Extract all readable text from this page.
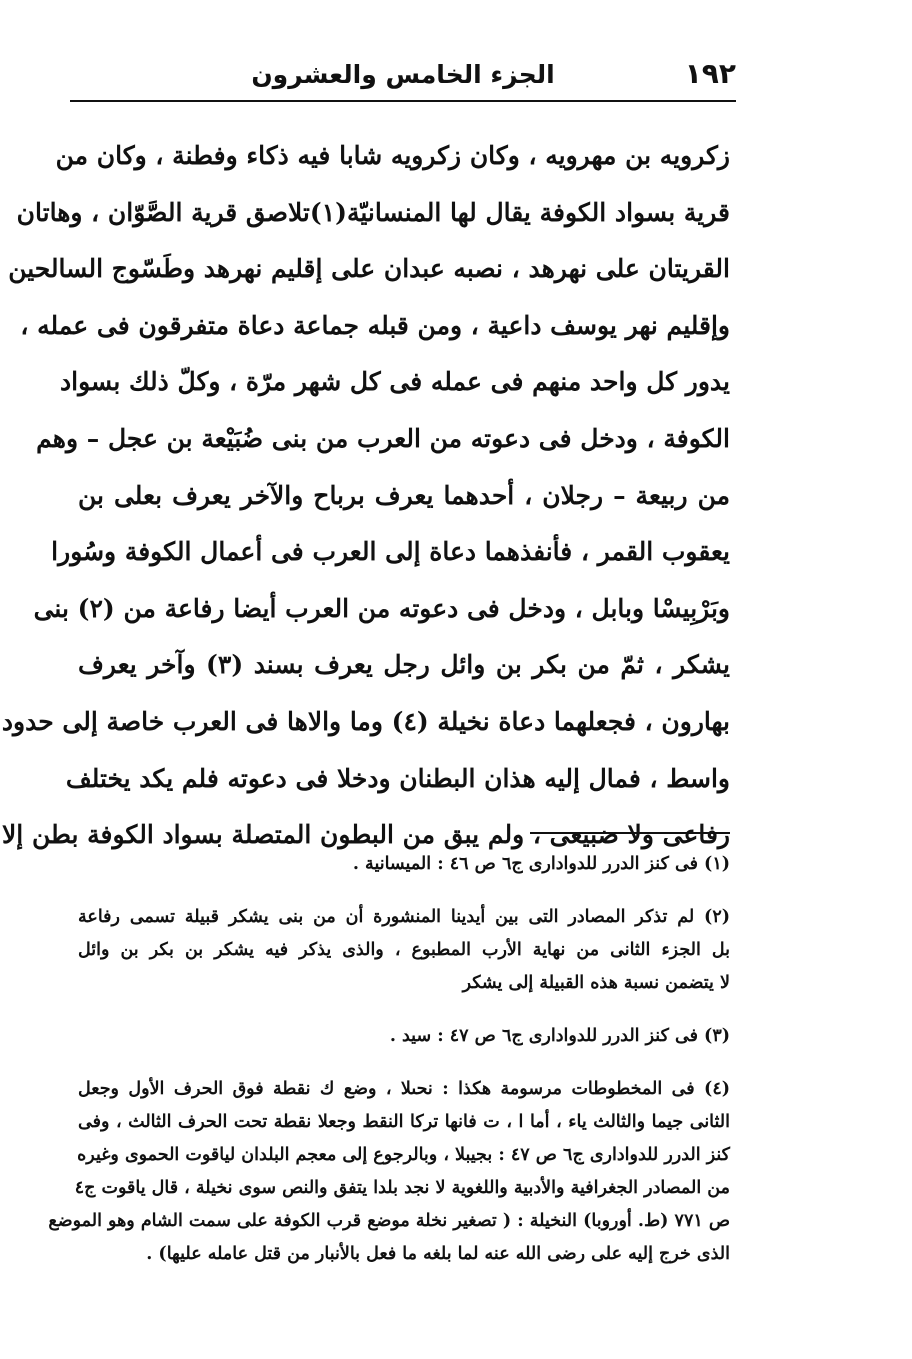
١٩٢
الجزء الخامس والعشرون
زكرويه بن مهرويه ، وكان زكرويه شابا فيه ذكاء وفطنة ، وكان من
قرية بسواد الكوفة يقال لها المنسانيّة(١)تلاصق قرية الصَّوّان ، وهاتان
القريتان على نهرهد ، نصبه عبدان على إقليم نهرهد وطَسّوج السالحين
وإقليم نهر يوسف داعية ، ومن قبله جماعة دعاة متفرقون فى عمله ،
يدور كل واحد منهم فى عمله فى كل شهر مرّة ، وكلّ ذلك بسواد
الكوفة ، ودخل فى دعوته من العرب من بنى ضُبَيْعة بن عجل – وهم
من ربيعة – رجلان ، أحدهما يعرف برباح والآخر يعرف بعلى بن
يعقوب القمر ، فأنفذهما دعاة إلى العرب فى أعمال الكوفة وسُورا
وبَرْبِيسْا وبابل ، ودخل فى دعوته من العرب أيضا رفاعة من (٢) بنى
يشكر ، ثمّ من بكر بن وائل رجل يعرف بسند (٣) وآخر يعرف
بهارون ، فجعلهما دعاة نخيلة (٤) وما والاها فى العرب خاصة إلى حدود
واسط ، فمال إليه هذان البطنان ودخلا فى دعوته فلم يكد يختلف
رفاعى ولا ضبيعى ، ولم يبق من البطون المتصلة بسواد الكوفة بطن إلا
(١) فى كنز الدرر للدوادارى ج٦ ص ٤٦ : الميسانية .
(٢) لم تذكر المصادر التى بين أيدينا المنشورة أن من بنى يشكر قبيلة تسمى رفاعة
بل الجزء الثانى من نهاية الأرب المطبوع ، والذى يذكر فيه يشكر بن بكر بن وائل
لا يتضمن نسبة هذه القبيلة إلى يشكر
(٣) فى كنز الدرر للدوادارى ج٦ ص ٤٧ : سيد .
(٤) فى المخطوطات مرسومة هكذا : نحىلا ، وضع ك نقطة فوق الحرف الأول وجعل
الثانى جيما والثالث ياء ، أما ا ، ت فانها تركا النقط وجعلا نقطة تحت الحرف الثالث ، وفى
كنز الدرر للدوادارى ج٦ ص ٤٧ : بجيبلا ، وبالرجوع إلى معجم البلدان لياقوت الحموى وغيره
من المصادر الجغرافية والأدبية واللغوية لا نجد بلدا يتفق والنص سوى نخيلة ، قال ياقوت ج٤
ص ٧٧١ (ط. أوروبا) النخيلة : ( تصغير نخلة موضع قرب الكوفة على سمت الشام وهو الموضع
الذى خرج إليه على رضى الله عنه لما بلغه ما فعل بالأنبار من قتل عامله عليها) .
